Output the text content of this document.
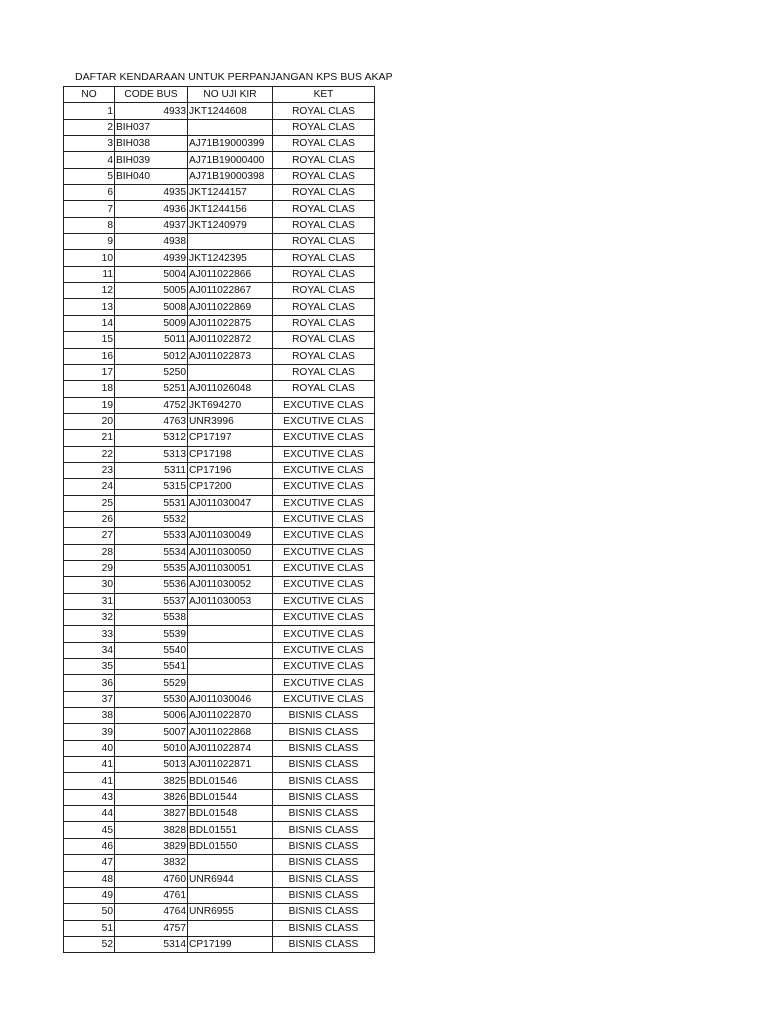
DAFTAR KENDARAAN UNTUK PERPANJANGAN KPS BUS AKAP
NO	CODE BUS	NO UJI KIR	KET
1	4933	JKT1244608	ROYAL CLAS
2	BIH037		ROYAL CLAS
3	BIH038	AJ71B19000399	ROYAL CLAS
4	BIH039	AJ71B19000400	ROYAL CLAS
5	BIH040	AJ71B19000398	ROYAL CLAS
6	4935	JKT1244157	ROYAL CLAS
7	4936	JKT1244156	ROYAL CLAS
8	4937	JKT1240979	ROYAL CLAS
9	4938		ROYAL CLAS
10	4939	JKT1242395	ROYAL CLAS
11	5004	AJ011022866	ROYAL CLAS
12	5005	AJ011022867	ROYAL CLAS
13	5008	AJ011022869	ROYAL CLAS
14	5009	AJ011022875	ROYAL CLAS
15	5011	AJ011022872	ROYAL CLAS
16	5012	AJ011022873	ROYAL CLAS
17	5250		ROYAL CLAS
18	5251	AJ011026048	ROYAL CLAS
19	4752	JKT694270	EXCUTIVE CLAS
20	4763	UNR3996	EXCUTIVE CLAS
21	5312	CP17197	EXCUTIVE CLAS
22	5313	CP17198	EXCUTIVE CLAS
23	5311	CP17196	EXCUTIVE CLAS
24	5315	CP17200	EXCUTIVE CLAS
25	5531	AJ011030047	EXCUTIVE CLAS
26	5532		EXCUTIVE CLAS
27	5533	AJ011030049	EXCUTIVE CLAS
28	5534	AJ011030050	EXCUTIVE CLAS
29	5535	AJ011030051	EXCUTIVE CLAS
30	5536	AJ011030052	EXCUTIVE CLAS
31	5537	AJ011030053	EXCUTIVE CLAS
32	5538		EXCUTIVE CLAS
33	5539		EXCUTIVE CLAS
34	5540		EXCUTIVE CLAS
35	5541		EXCUTIVE CLAS
36	5529		EXCUTIVE CLAS
37	5530	AJ011030046	EXCUTIVE CLAS
38	5006	AJ011022870	BISNIS CLASS
39	5007	AJ011022868	BISNIS CLASS
40	5010	AJ011022874	BISNIS CLASS
41	5013	AJ011022871	BISNIS CLASS
41	3825	BDL01546	BISNIS CLASS
43	3826	BDL01544	BISNIS CLASS
44	3827	BDL01548	BISNIS CLASS
45	3828	BDL01551	BISNIS CLASS
46	3829	BDL01550	BISNIS CLASS
47	3832		BISNIS CLASS
48	4760	UNR6944	BISNIS CLASS
49	4761		BISNIS CLASS
50	4764	UNR6955	BISNIS CLASS
51	4757		BISNIS CLASS
52	5314	CP17199	BISNIS CLASS
